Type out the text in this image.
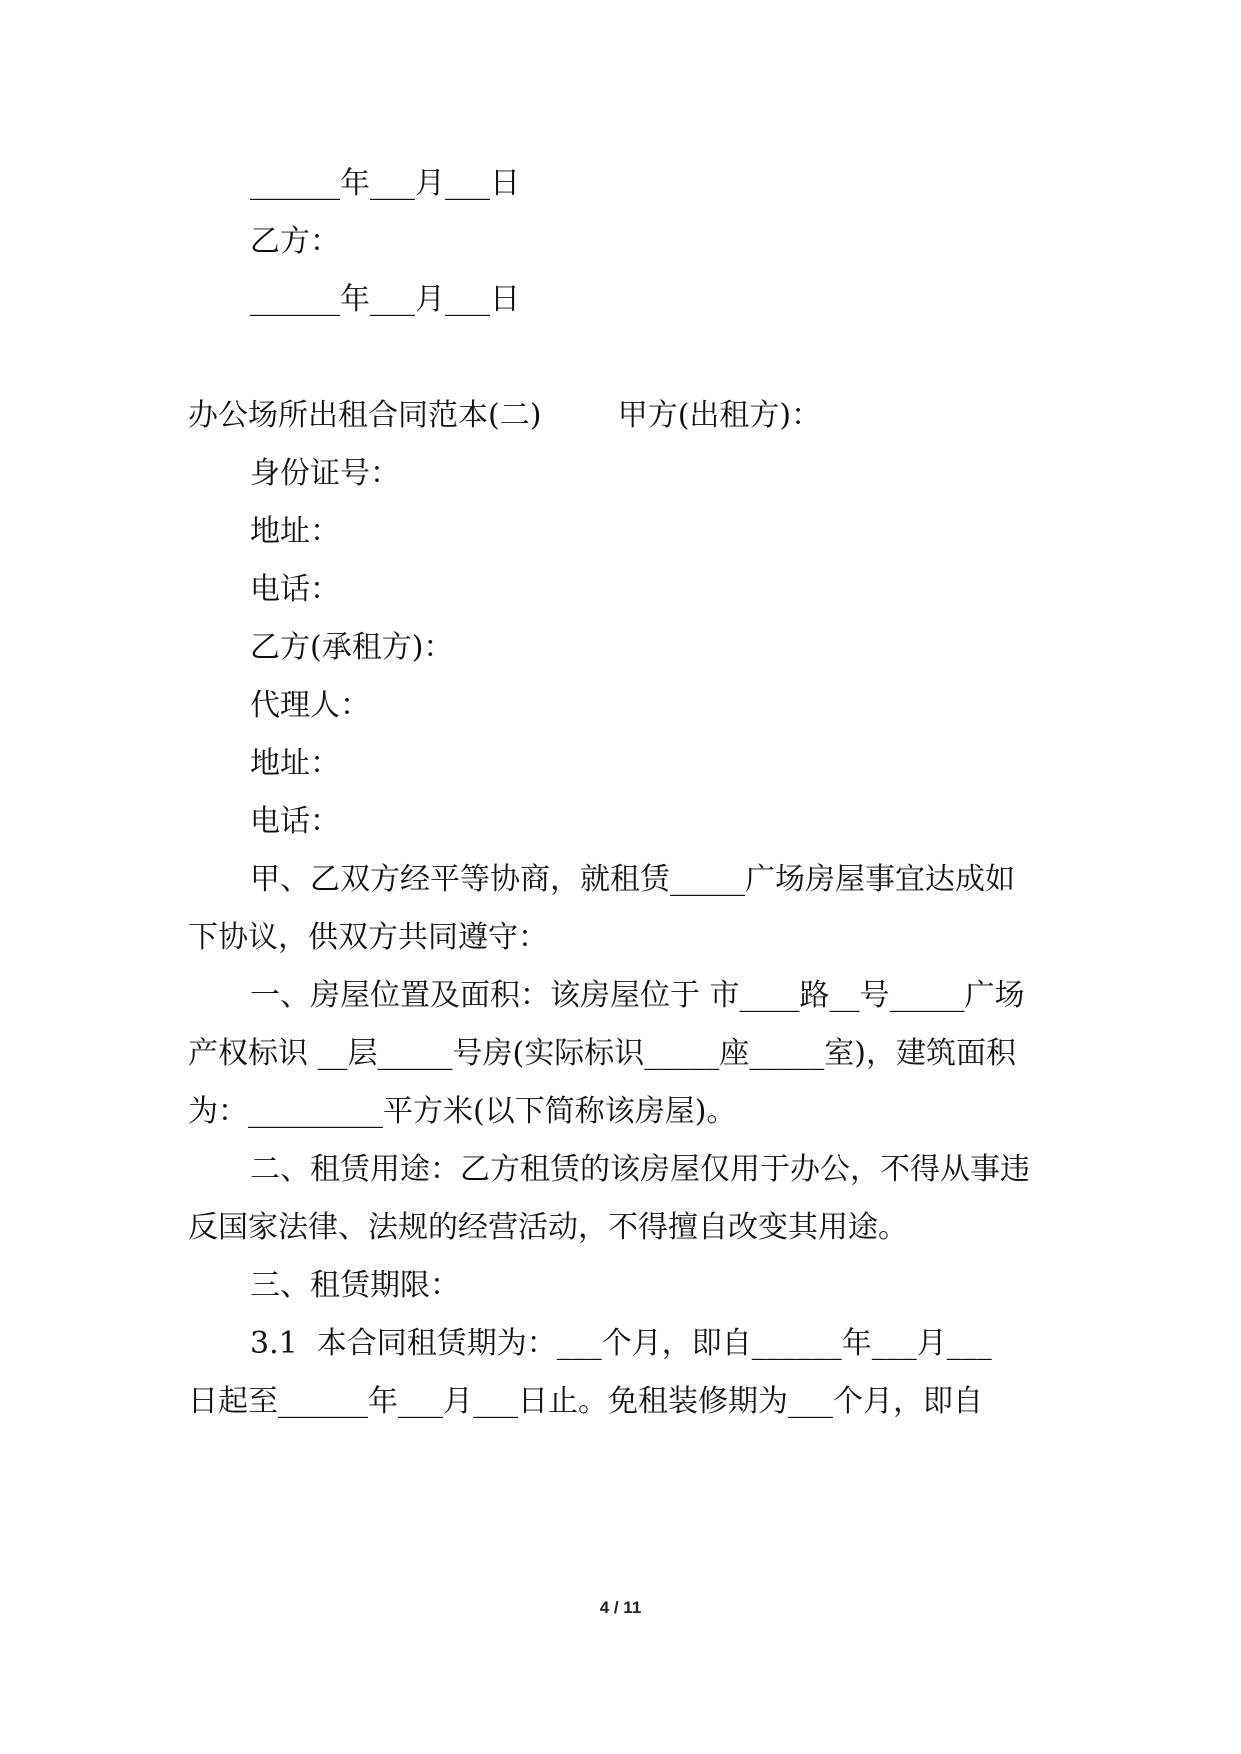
______年___月___日
乙方：
______年___月___日
办公场所出租合同范本(二)        甲方(出租方)：
身份证号：
地址：
电话：
乙方(承租方)：
代理人：
地址：
电话：
甲、乙双方经平等协商，就租赁_____广场房屋事宜达成如
下协议，供双方共同遵守：
一、房屋位置及面积：该房屋位于 市____路__号_____广场
产权标识 __层_____号房(实际标识_____座_____室)，建筑面积
为：_________平方米(以下简称该房屋)。
二、租赁用途：乙方租赁的该房屋仅用于办公，不得从事违
反国家法律、法规的经营活动，不得擅自改变其用途。
三、租赁期限：
3.1  本合同租赁期为：___个月，即自______年___月___
日起至______年___月___日止。免租装修期为___个月，即自
4 / 11
